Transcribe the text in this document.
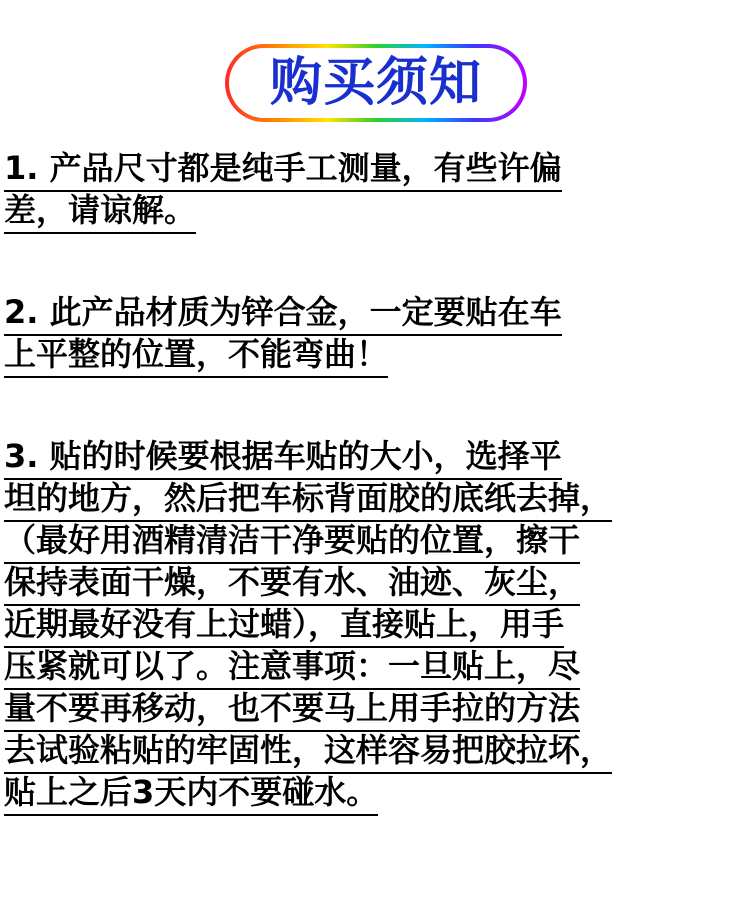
购买须知
1. 产品尺寸都是纯手工测量，有些许偏
差，请谅解。
2. 此产品材质为锌合金，一定要贴在车
上平整的位置，不能弯曲！
3. 贴的时候要根据车贴的大小，选择平
坦的地方，然后把车标背面胶的底纸去掉，
（最好用酒精清洁干净要贴的位置，擦干
保持表面干燥，不要有水、油迹、灰尘，
近期最好没有上过蜡），直接贴上，用手
压紧就可以了。注意事项：一旦贴上，尽
量不要再移动，也不要马上用手拉的方法
去试验粘贴的牢固性，这样容易把胶拉坏，
贴上之后3天内不要碰水。
